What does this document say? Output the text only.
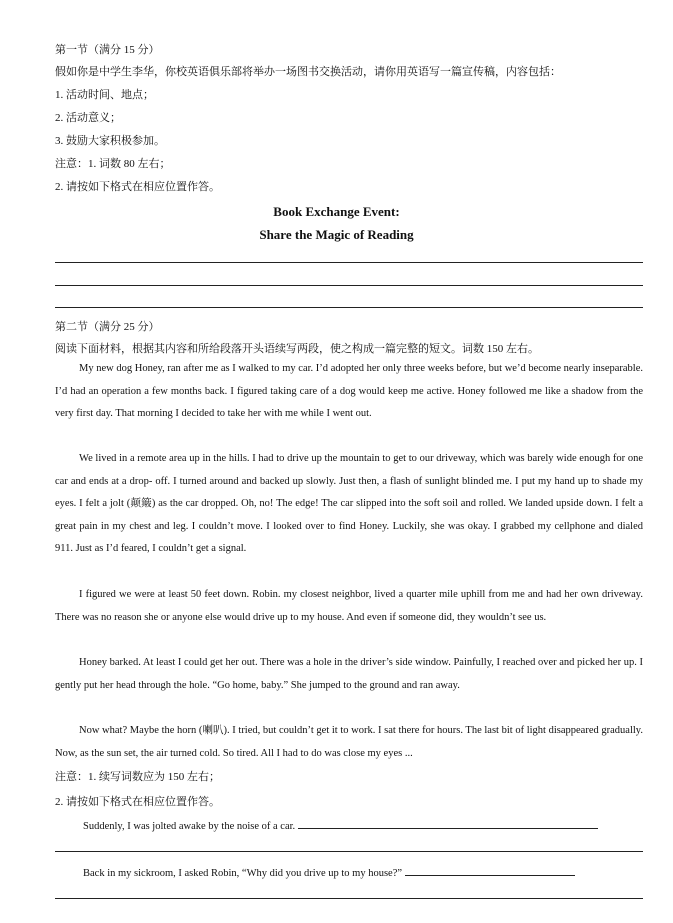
第一节（满分 15 分）
假如你是中学生李华，你校英语俱乐部将举办一场图书交换活动，请你用英语写一篇宣传稿，内容包括：
1. 活动时间、地点；
2. 活动意义；
3. 鼓励大家积极参加。
注意：1. 词数 80 左右；
2. 请按如下格式在相应位置作答。
Book Exchange Event:
Share the Magic of Reading
第二节（满分 25 分）
阅读下面材料，根据其内容和所给段落开头语续写两段，使之构成一篇完整的短文。词数 150 左右。

My new dog Honey, ran after me as I walked to my car. I’d adopted her only three weeks before, but we’d become nearly inseparable. I’d had an operation a few months back. I figured taking care of a dog would keep me active. Honey followed me like a shadow from the very first day. That morning I decided to take her with me while I went out.

We lived in a remote area up in the hills. I had to drive up the mountain to get to our driveway, which was barely wide enough for one car and ends at a drop- off. I turned around and backed up slowly. Just then, a flash of sunlight blinded me. I put my hand up to shade my eyes. I felt a jolt (颠簸) as the car dropped. Oh, no! The edge! The car slipped into the soft soil and rolled. We landed upside down. I felt a great pain in my chest and leg. I couldn’t move. I looked over to find Honey. Luckily, she was okay. I grabbed my cellphone and dialed 911. Just as I’d feared, I couldn’t get a signal.

I figured we were at least 50 feet down. Robin. my closest neighbor, lived a quarter mile uphill from me and had her own driveway. There was no reason she or anyone else would drive up to my house. And even if someone did, they wouldn’t see us.

Honey barked. At least I could get her out. There was a hole in the driver’s side window. Painfully, I reached over and picked her up. I gently put her head through the hole. “Go home, baby.” She jumped to the ground and ran away.

Now what? Maybe the horn (喇叭). I tried, but couldn’t get it to work. I sat there for hours. The last bit of light disappeared gradually. Now, as the sun set, the air turned cold. So tired. All I had to do was close my eyes ...

注意：1. 续写词数应为 150 左右；
2. 请按如下格式在相应位置作答。
Suddenly, I was jolted awake by the noise of a car.
Back in my sickroom, I asked Robin, “Why did you drive up to my house?”
